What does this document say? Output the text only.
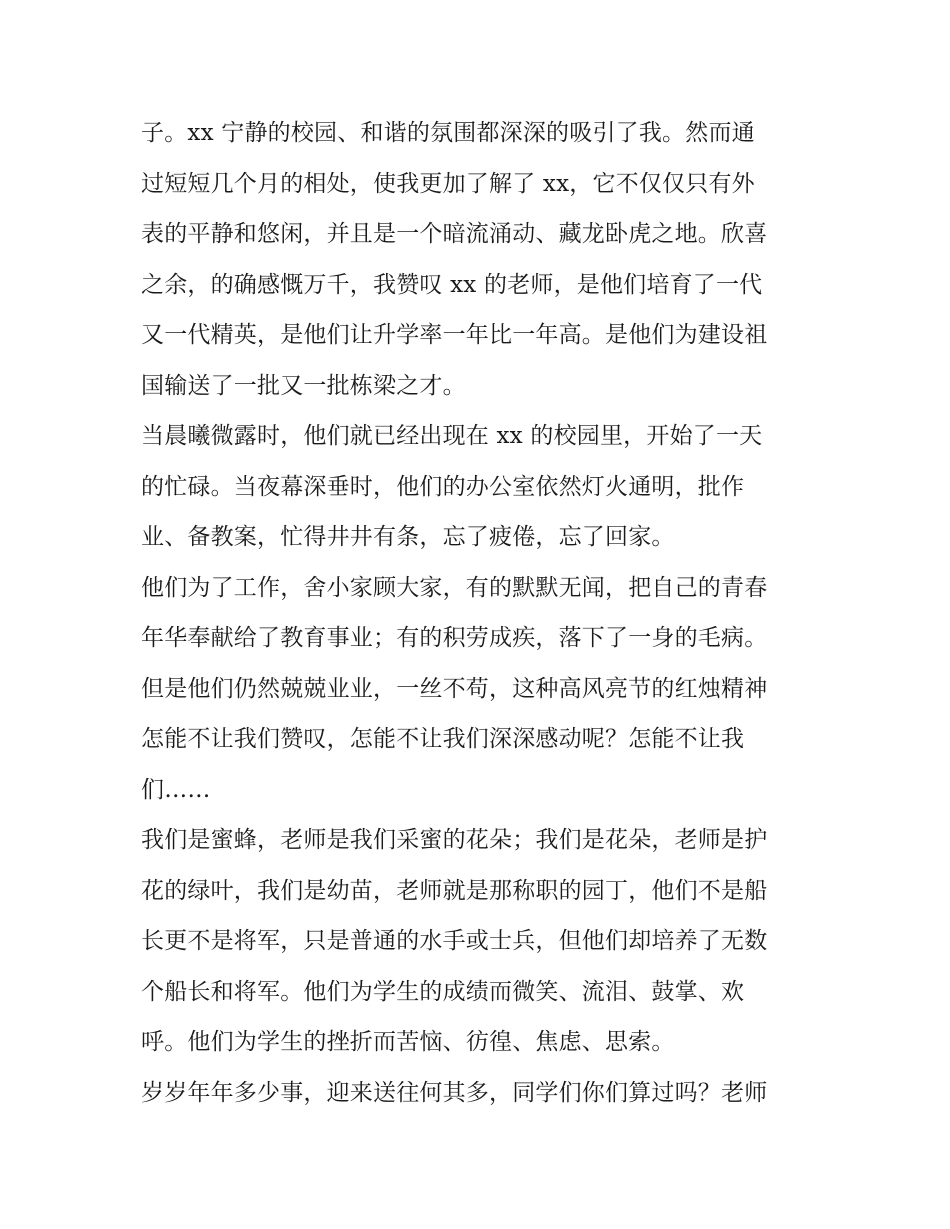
子。xx 宁静的校园、和谐的氛围都深深的吸引了我。然而通
过短短几个月的相处，使我更加了解了 xx，它不仅仅只有外
表的平静和悠闲，并且是一个暗流涌动、藏龙卧虎之地。欣喜
之余，的确感慨万千，我赞叹 xx 的老师，是他们培育了一代
又一代精英，是他们让升学率一年比一年高。是他们为建设祖
国输送了一批又一批栋梁之才。
当晨曦微露时，他们就已经出现在 xx 的校园里，开始了一天
的忙碌。当夜幕深垂时，他们的办公室依然灯火通明，批作
业、备教案，忙得井井有条，忘了疲倦，忘了回家。
他们为了工作，舍小家顾大家，有的默默无闻，把自己的青春
年华奉献给了教育事业；有的积劳成疾，落下了一身的毛病。
但是他们仍然兢兢业业，一丝不苟，这种高风亮节的红烛精神
怎能不让我们赞叹，怎能不让我们深深感动呢？怎能不让我
们……
我们是蜜蜂，老师是我们采蜜的花朵；我们是花朵，老师是护
花的绿叶，我们是幼苗，老师就是那称职的园丁，他们不是船
长更不是将军，只是普通的水手或士兵，但他们却培养了无数
个船长和将军。他们为学生的成绩而微笑、流泪、鼓掌、欢
呼。他们为学生的挫折而苦恼、彷徨、焦虑、思索。
岁岁年年多少事，迎来送往何其多，同学们你们算过吗？老师
